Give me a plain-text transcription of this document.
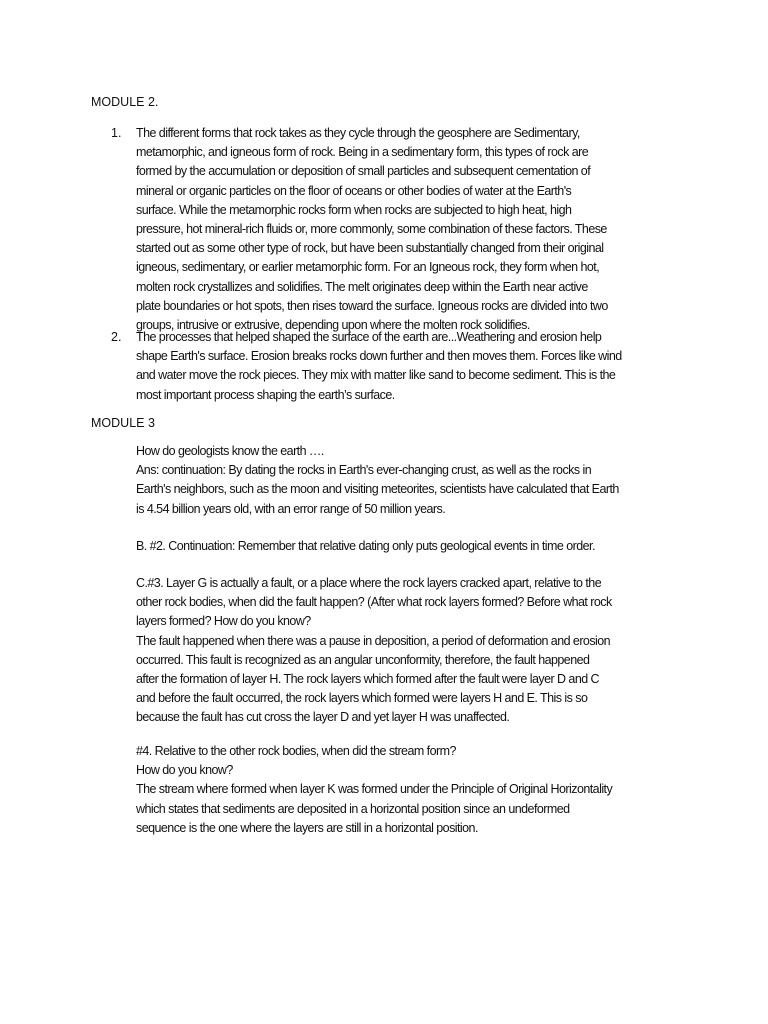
MODULE 2.
1.	The different forms that rock takes as they cycle through the geosphere are Sedimentary,
metamorphic, and igneous form of rock. Being in a sedimentary form, this types of rock are
formed by the accumulation or deposition of small particles and subsequent cementation of
mineral or organic particles on the floor of oceans or other bodies of water at the Earth's
surface. While the metamorphic rocks form when rocks are subjected to high heat, high
pressure, hot mineral-rich fluids or, more commonly, some combination of these factors. These
started out as some other type of rock, but have been substantially changed from their original
igneous, sedimentary, or earlier metamorphic form. For an Igneous rock, they form when hot,
molten rock crystallizes and solidifies. The melt originates deep within the Earth near active
plate boundaries or hot spots, then rises toward the surface. Igneous rocks are divided into two
groups, intrusive or extrusive, depending upon where the molten rock solidifies.
2.	The processes that helped shaped the surface of the earth are...Weathering and erosion help
shape Earth's surface. Erosion breaks rocks down further and then moves them. Forces like wind
and water move the rock pieces. They mix with matter like sand to become sediment. This is the
most important process shaping the earth’s surface.
MODULE 3
How do geologists know the earth ….
Ans: continuation: By dating the rocks in Earth's ever-changing crust, as well as the rocks in
Earth's neighbors, such as the moon and visiting meteorites, scientists have calculated that Earth
is 4.54 billion years old, with an error range of 50 million years.
B. #2. Continuation: Remember that relative dating only puts geological events in time order.
C.#3. Layer G is actually a fault, or a place where the rock layers cracked apart, relative to the
other rock bodies, when did the fault happen? (After what rock layers formed? Before what rock
layers formed? How do you know?
The fault happened when there was a pause in deposition, a period of deformation and erosion
occurred. This fault is recognized as an angular unconformity, therefore, the fault happened
after the formation of layer H. The rock layers which formed after the fault were layer D and C
and before the fault occurred, the rock layers which formed were layers H and E. This is so
because the fault has cut cross the layer D and yet layer H was unaffected.
#4. Relative to the other rock bodies, when did the stream form?
How do you know?
The stream where formed when layer K was formed under the Principle of Original Horizontality
which states that sediments are deposited in a horizontal position since an undeformed
sequence is the one where the layers are still in a horizontal position.
